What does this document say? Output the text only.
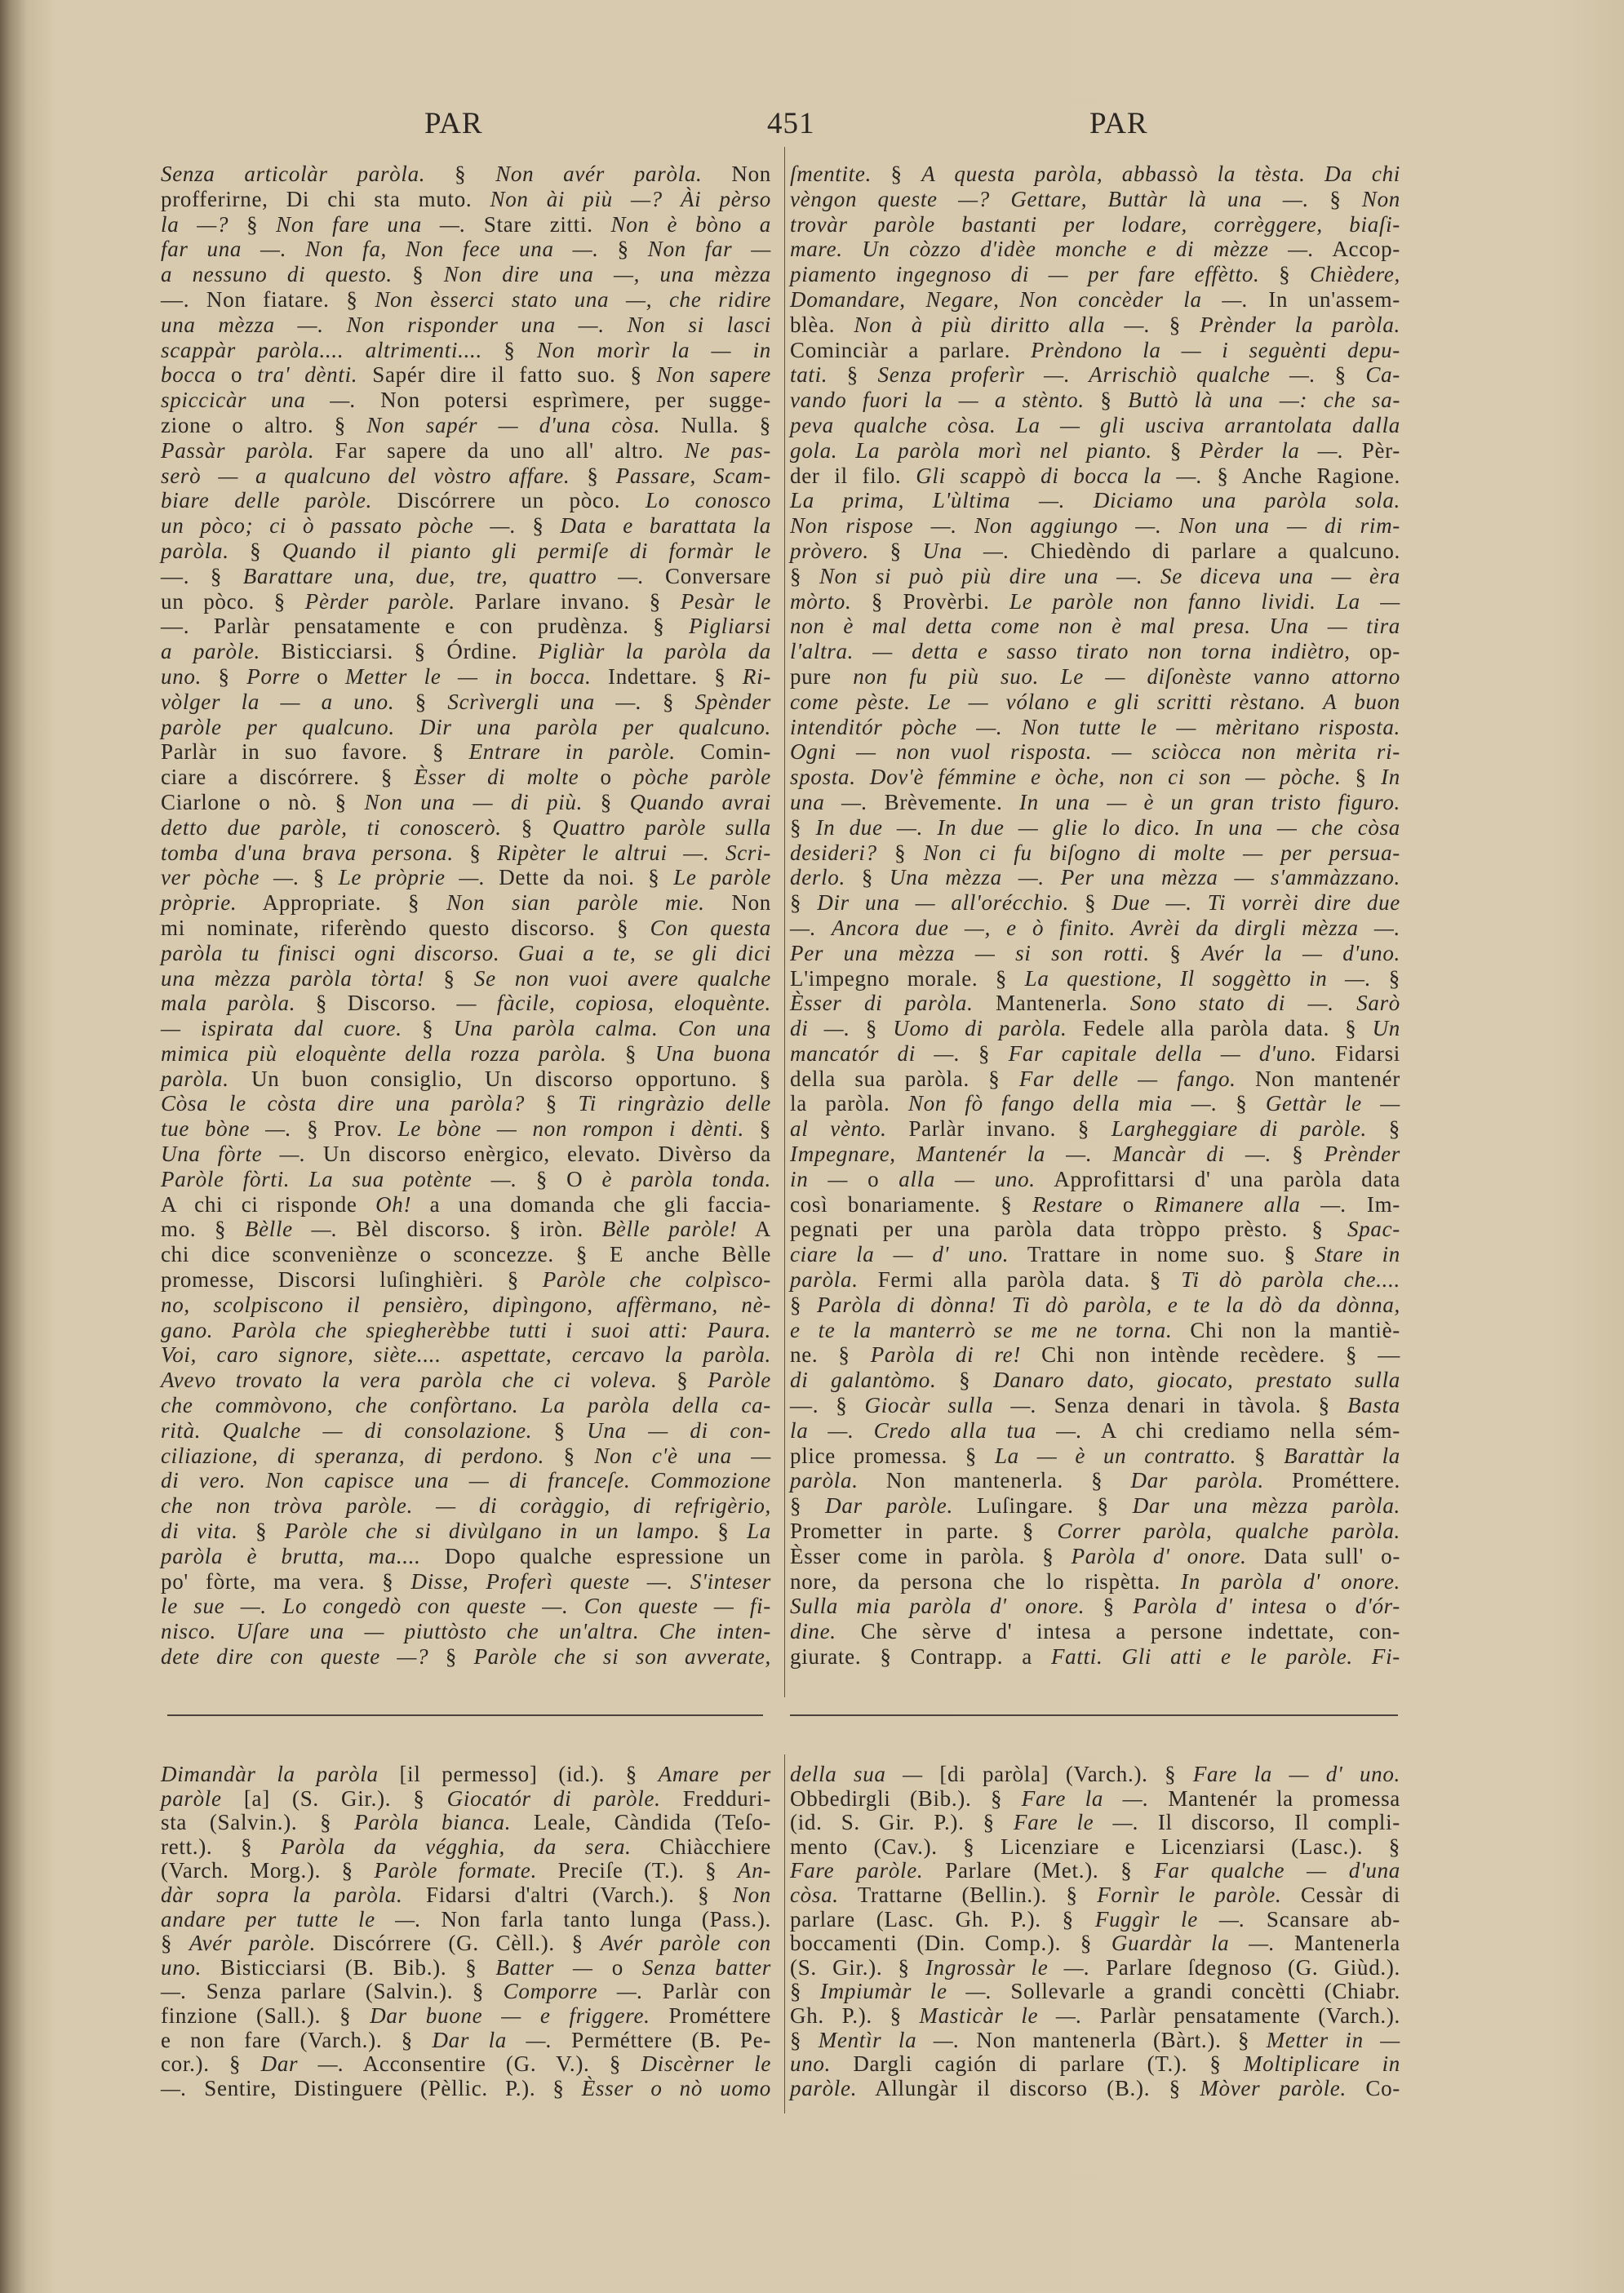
PAR	451	PAR
Senza articolàr paròla. § Non avér paròla. Non
profferirne, Di chi sta muto. Non ài più —? Ài pèrso
la —? § Non fare una —. Stare zitti. Non è bòno a
far una —. Non fa, Non fece una —. § Non far —
a nessuno di questo. § Non dire una —, una mèzza
—. Non fiatare. § Non èsserci stato una —, che ridire
una mèzza —. Non risponder una —. Non si lasci
scappàr paròla.... altrimenti.... § Non morìr la — in
bocca o tra' dènti. Sapér dire il fatto suo. § Non sapere
spiccicàr una —. Non potersi esprìmere, per sugge-
zione o altro. § Non sapér — d'una còsa. Nulla. §
Passàr paròla. Far sapere da uno all' altro. Ne pas-
serò — a qualcuno del vòstro affare. § Passare, Scam-
biare delle paròle. Discórrere un pòco. Lo conosco
un pòco; ci ò passato pòche —. § Data e barattata la
paròla. § Quando il pianto gli permiſe di formàr le
—. § Barattare una, due, tre, quattro —. Conversare
un pòco. § Pèrder paròle. Parlare invano. § Pesàr le
—. Parlàr pensatamente e con prudènza. § Pigliarsi
a paròle. Bisticciarsi. § Órdine. Pigliàr la paròla da
uno. § Porre o Metter le — in bocca. Indettare. § Ri-
vòlger la — a uno. § Scrìvergli una —. § Spènder
paròle per qualcuno. Dir una paròla per qualcuno.
Parlàr in suo favore. § Entrare in paròle. Comin-
ciare a discórrere. § Èsser di molte o pòche paròle
Ciarlone o nò. § Non una — di più. § Quando avrai
detto due paròle, ti conoscerò. § Quattro paròle sulla
tomba d'una brava persona. § Ripèter le altrui —. Scri-
ver pòche —. § Le pròprie —. Dette da noi. § Le paròle
pròprie. Appropriate. § Non sian paròle mie. Non
mi nominate, riferèndo questo discorso. § Con questa
paròla tu finisci ogni discorso. Guai a te, se gli dici
una mèzza paròla tòrta! § Se non vuoi avere qualche
mala paròla. § Discorso. — fàcile, copiosa, eloquènte.
— ispirata dal cuore. § Una paròla calma. Con una
mimica più eloquènte della rozza paròla. § Una buona
paròla. Un buon consiglio, Un discorso opportuno. §
Còsa le còsta dire una paròla? § Ti ringràzio delle
tue bòne —. § Prov. Le bòne — non rompon i dènti. §
Una fòrte —. Un discorso enèrgico, elevato. Divèrso da
Paròle fòrti. La sua potènte —. § O è paròla tonda.
A chi ci risponde Oh! a una domanda che gli faccia-
mo. § Bèlle —. Bèl discorso. § iròn. Bèlle paròle! A
chi dice sconveniènze o sconcezze. § E anche Bèlle
promesse, Discorsi luſinghièri. § Paròle che colpìsco-
no, scolpiscono il pensièro, dipìngono, affèrmano, nè-
gano. Paròla che spiegherèbbe tutti i suoi atti: Paura.
Voi, caro signore, siète.... aspettate, cercavo la paròla.
Avevo trovato la vera paròla che ci voleva. § Paròle
che commòvono, che confòrtano. La paròla della ca-
rità. Qualche — di consolazione. § Una — di con-
ciliazione, di speranza, di perdono. § Non c'è una —
di vero. Non capisce una — di franceſe. Commozione
che non tròva paròle. — di coràggio, di refrigèrio,
di vita. § Paròle che si divùlgano in un lampo. § La
paròla è brutta, ma.... Dopo qualche espressione un
po' fòrte, ma vera. § Disse, Proferì queste —. S'inteser
le sue —. Lo congedò con queste —. Con queste — fi-
nisco. Uſare una — piuttòsto che un'altra. Che inten-
dete dire con queste —? § Paròle che si son avverate,
ſmentite. § A questa paròla, abbassò la tèsta. Da chi
vèngon queste —? Gettare, Buttàr là una —. § Non
trovàr paròle bastanti per lodare, corrèggere, biaſi-
mare. Un còzzo d'idèe monche e di mèzze —. Accop-
piamento ingegnoso di — per fare effètto. § Chièdere,
Domandare, Negare, Non concèder la —. In un'assem-
blèa. Non à più diritto alla —. § Prènder la paròla.
Cominciàr a parlare. Prèndono la — i seguènti depu-
tati. § Senza proferìr —. Arrischiò qualche —. § Ca-
vando fuori la — a stènto. § Buttò là una —: che sa-
peva qualche còsa. La — gli usciva arrantolata dalla
gola. La paròla morì nel pianto. § Pèrder la —. Pèr-
der il filo. Gli scappò di bocca la —. § Anche Ragione.
La prima, L'ùltima —. Diciamo una paròla sola.
Non rispose —. Non aggiungo —. Non una — di rim-
pròvero. § Una —. Chiedèndo di parlare a qualcuno.
§ Non si può più dire una —. Se diceva una — èra
mòrto. § Provèrbi. Le paròle non fanno lividi. La —
non è mal detta come non è mal presa. Una — tira
l'altra. — detta e sasso tirato non torna indiètro, op-
pure non fu più suo. Le — diſonèste vanno attorno
come pèste. Le — vólano e gli scritti rèstano. A buon
intenditór pòche —. Non tutte le — mèritano risposta.
Ogni — non vuol risposta. — sciòcca non mèrita ri-
sposta. Dov'è fémmine e òche, non ci son — pòche. § In
una —. Brèvemente. In una — è un gran tristo figuro.
§ In due —. In due — glie lo dico. In una — che còsa
desideri? § Non ci fu biſogno di molte — per persua-
derlo. § Una mèzza —. Per una mèzza — s'ammàzzano.
§ Dir una — all'orécchio. § Due —. Ti vorrèi dire due
—. Ancora due —, e ò finito. Avrèi da dirgli mèzza —.
Per una mèzza — si son rotti. § Avér la — d'uno.
L'impegno morale. § La questione, Il soggètto in —. §
Èsser di paròla. Mantenerla. Sono stato di —. Sarò
di —. § Uomo di paròla. Fedele alla paròla data. § Un
mancatór di —. § Far capitale della — d'uno. Fidarsi
della sua paròla. § Far delle — fango. Non mantenér
la paròla. Non fò fango della mia —. § Gettàr le —
al vènto. Parlàr invano. § Largheggiare di paròle. §
Impegnare, Mantenér la —. Mancàr di —. § Prènder
in — o alla — uno. Approfittarsi d' una paròla data
così bonariamente. § Restare o Rimanere alla —. Im-
pegnati per una paròla data tròppo prèsto. § Spac-
ciare la — d' uno. Trattare in nome suo. § Stare in
paròla. Fermi alla paròla data. § Ti dò paròla che....
§ Paròla di dònna! Ti dò paròla, e te la dò da dònna,
e te la manterrò se me ne torna. Chi non la mantiè-
ne. § Paròla di re! Chi non intènde recèdere. § —
di galantòmo. § Danaro dato, giocato, prestato sulla
—. § Giocàr sulla —. Senza denari in tàvola. § Basta
la —. Credo alla tua —. A chi crediamo nella sém-
plice promessa. § La — è un contratto. § Barattàr la
paròla. Non mantenerla. § Dar paròla. Prométtere.
§ Dar paròle. Luſingare. § Dar una mèzza paròla.
Prometter in parte. § Correr paròla, qualche paròla.
Èsser come in paròla. § Paròla d' onore. Data sull' o-
nore, da persona che lo rispètta. In paròla d' onore.
Sulla mia paròla d' onore. § Paròla d' intesa o d'ór-
dine. Che sèrve d' intesa a persone indettate, con-
giurate. § Contrapp. a Fatti. Gli atti e le paròle. Fi-
Dimandàr la paròla [il permesso] (id.). § Amare per
paròle [a] (S. Gir.). § Giocatór di paròle. Fredduri-
sta (Salvin.). § Paròla bianca. Leale, Càndida (Teſo-
rett.). § Paròla da végghia, da sera. Chiàcchiere
(Varch. Morg.). § Paròle formate. Preciſe (T.). § An-
dàr sopra la paròla. Fidarsi d'altri (Varch.). § Non
andare per tutte le —. Non farla tanto lunga (Pass.).
§ Avér paròle. Discórrere (G. Cèll.). § Avér paròle con
uno. Bisticciarsi (B. Bib.). § Batter — o Senza batter
—. Senza parlare (Salvin.). § Comporre —. Parlàr con
finzione (Sall.). § Dar buone — e friggere. Prométtere
e non fare (Varch.). § Dar la —. Perméttere (B. Pe-
cor.). § Dar —. Acconsentire (G. V.). § Discèrner le
—. Sentire, Distinguere (Pèllic. P.). § Èsser o nò uomo
della sua — [di paròla] (Varch.). § Fare la — d' uno.
Obbedirgli (Bib.). § Fare la —. Mantenér la promessa
(id. S. Gir. P.). § Fare le —. Il discorso, Il compli-
mento (Cav.). § Licenziare e Licenziarsi (Lasc.). §
Fare paròle. Parlare (Met.). § Far qualche — d'una
còsa. Trattarne (Bellin.). § Fornìr le paròle. Cessàr di
parlare (Lasc. Gh. P.). § Fuggìr le —. Scansare ab-
boccamenti (Din. Comp.). § Guardàr la —. Mantenerla
(S. Gir.). § Ingrossàr le —. Parlare ſdegnoso (G. Giùd.).
§ Impiumàr le —. Sollevarle a grandi concètti (Chiabr.
Gh. P.). § Masticàr le —. Parlàr pensatamente (Varch.).
§ Mentìr la —. Non mantenerla (Bàrt.). § Metter in —
uno. Dargli cagión di parlare (T.). § Moltiplicare in
paròle. Allungàr il discorso (B.). § Mòver paròle. Co-
